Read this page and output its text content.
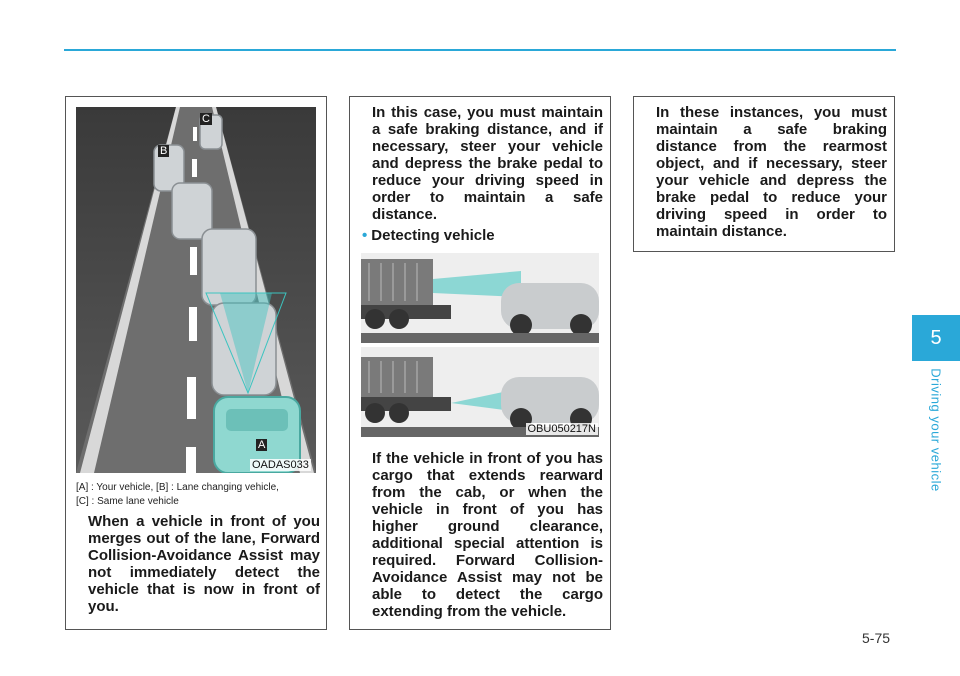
OADAS033
A
B
C
[A] : Your vehicle, [B] : Lane changing vehicle,
[C] : Same lane vehicle
When a vehicle in front of you merges out of the lane, Forward Collision-Avoidance Assist may not immediately detect the vehicle that is now in front of you.
In this case, you must maintain a safe braking distance, and if necessary, steer your vehicle and depress the brake pedal to reduce your driving speed in order to maintain a safe distance.
• Detecting vehicle
OBU050217N
If the vehicle in front of you has cargo that extends rearward from the cab, or when the vehicle in front of you has higher ground clearance, additional special attention is required. Forward Collision-Avoidance Assist may not be able to detect the cargo extending from the vehicle.
In these instances, you must maintain a safe braking distance from the rearmost object, and if necessary, steer your vehicle and depress the brake pedal to reduce your driving speed in order to maintain distance.
5
Driving your vehicle
5-75
